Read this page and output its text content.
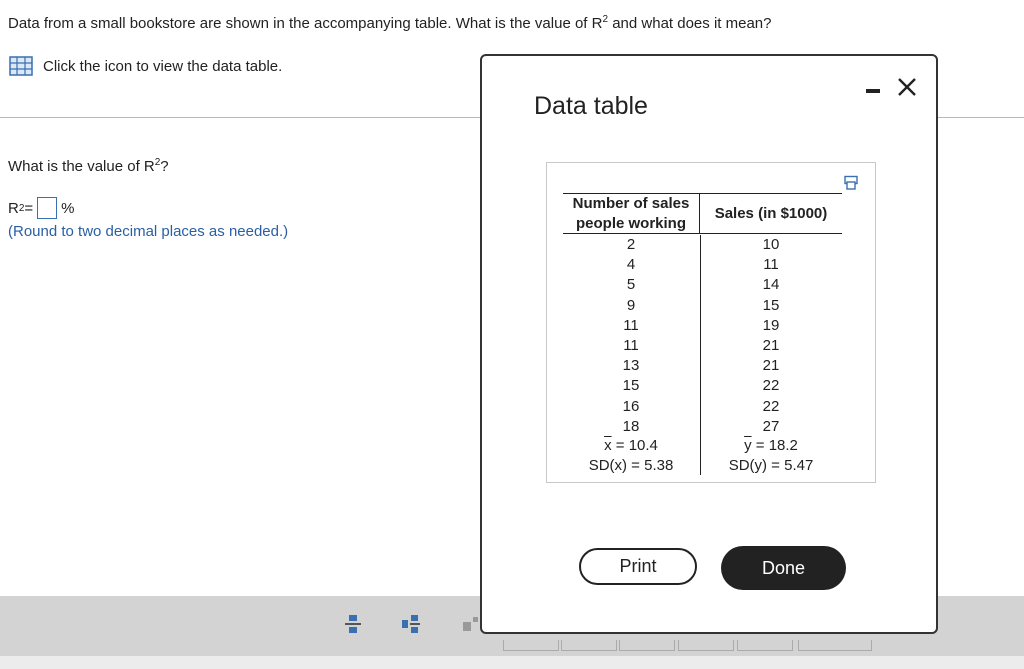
Data from a small bookstore are shown in the accompanying table. What is the value of $R^2$ and what does it mean?
Click the icon to view the data table.
What is the value of $R^2$?
R 2 = %
(Round to two decimal places as needed.)
Data table
Number of sales people working
Sales (in $1000)
2
4
5
9
11
11
13
15
16
18
10
11
14
15
19
21
21
22
22
27
$\overline{x} = 10.4$
SD(x) = 5.38
$\overline{y} = 18.2$
SD(y) = 5.47
Print	Done
